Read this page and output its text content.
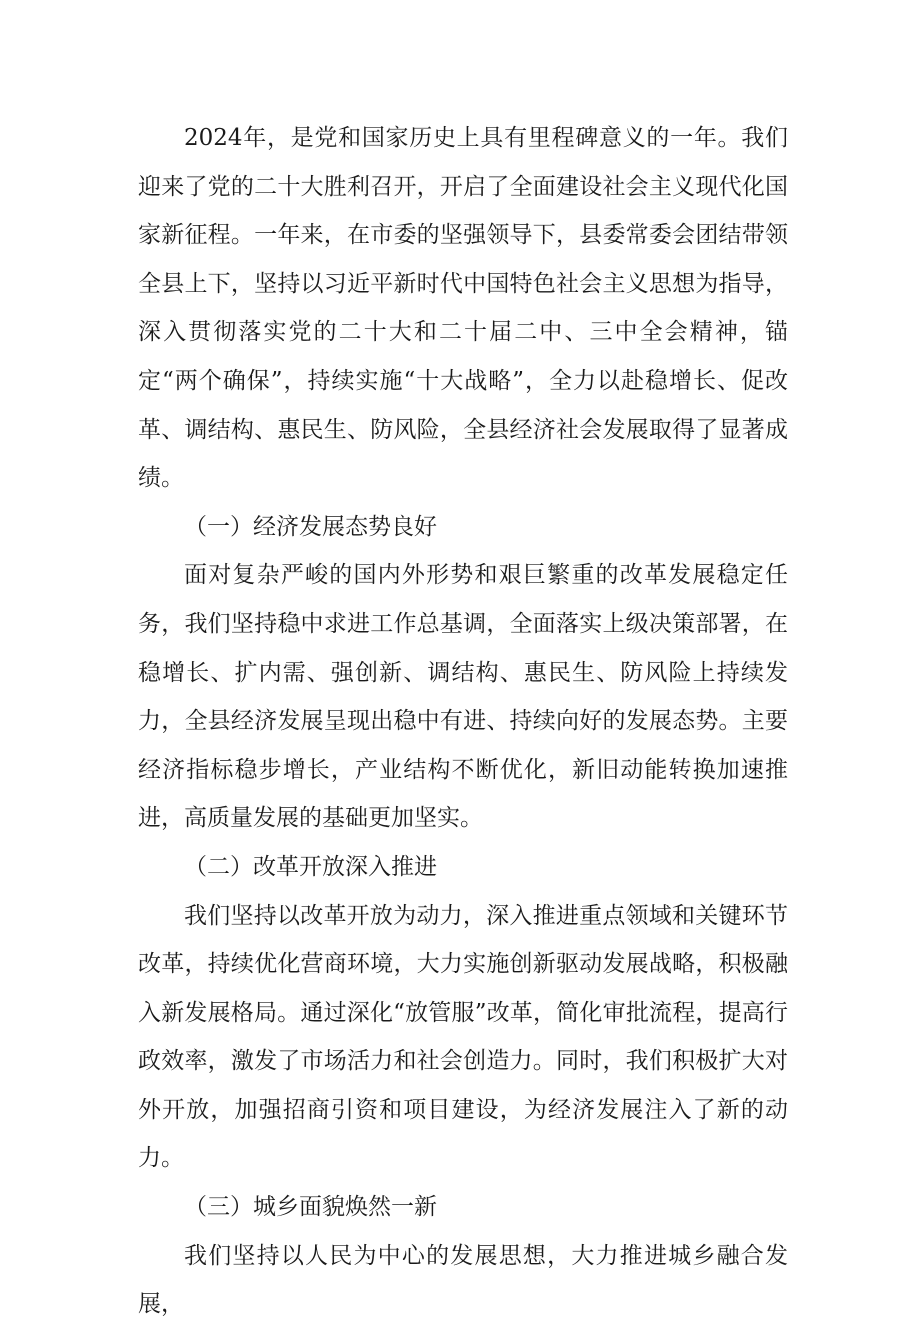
2024年，是党和国家历史上具有里程碑意义的一年。我们迎来了党的二十大胜利召开，开启了全面建设社会主义现代化国家新征程。一年来，在市委的坚强领导下，县委常委会团结带领全县上下，坚持以习近平新时代中国特色社会主义思想为指导，深入贯彻落实党的二十大和二十届二中、三中全会精神，锚定“两个确保”，持续实施“十大战略”，全力以赴稳增长、促改革、调结构、惠民生、防风险，全县经济社会发展取得了显著成绩。

（一）经济发展态势良好

面对复杂严峻的国内外形势和艰巨繁重的改革发展稳定任务，我们坚持稳中求进工作总基调，全面落实上级决策部署，在稳增长、扩内需、强创新、调结构、惠民生、防风险上持续发力，全县经济发展呈现出稳中有进、持续向好的发展态势。主要经济指标稳步增长，产业结构不断优化，新旧动能转换加速推进，高质量发展的基础更加坚实。

（二）改革开放深入推进

我们坚持以改革开放为动力，深入推进重点领域和关键环节改革，持续优化营商环境，大力实施创新驱动发展战略，积极融入新发展格局。通过深化“放管服”改革，简化审批流程，提高行政效率，激发了市场活力和社会创造力。同时，我们积极扩大对外开放，加强招商引资和项目建设，为经济发展注入了新的动力。

（三）城乡面貌焕然一新

我们坚持以人民为中心的发展思想，大力推进城乡融合发展，
